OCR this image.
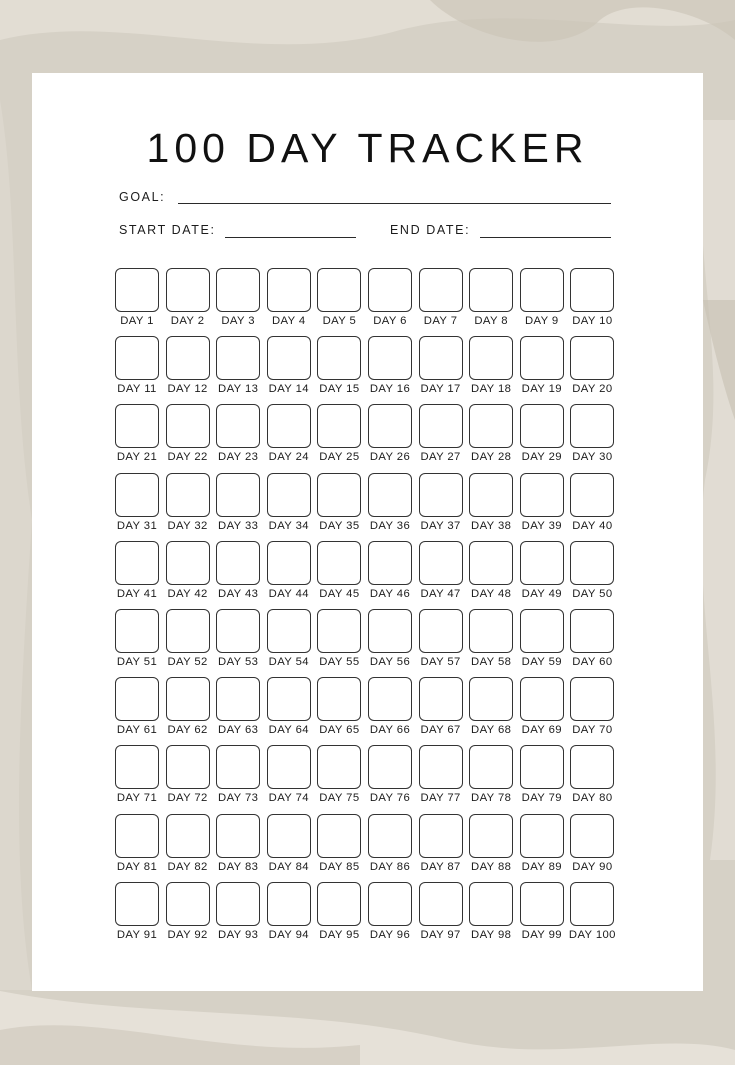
100 DAY TRACKER
GOAL:
START DATE:	END DATE:
DAY 1	DAY 2	DAY 3	DAY 4	DAY 5	DAY 6	DAY 7	DAY 8	DAY 9	DAY 10
DAY 11 DAY 12 DAY 13 DAY 14 DAY 15 DAY 16 DAY 17 DAY 18 DAY 19 DAY 20
DAY 21 DAY 22 DAY 23 DAY 24 DAY 25 DAY 26 DAY 27 DAY 28 DAY 29 DAY 30
DAY 31 DAY 32 DAY 33 DAY 34 DAY 35 DAY 36 DAY 37 DAY 38 DAY 39 DAY 40
DAY 41 DAY 42 DAY 43 DAY 44 DAY 45 DAY 46 DAY 47 DAY 48 DAY 49 DAY 50
DAY 51 DAY 52 DAY 53 DAY 54 DAY 55 DAY 56 DAY 57 DAY 58 DAY 59 DAY 60
DAY 61 DAY 62 DAY 63 DAY 64 DAY 65 DAY 66 DAY 67 DAY 68 DAY 69 DAY 70
DAY 71 DAY 72 DAY 73 DAY 74 DAY 75 DAY 76 DAY 77 DAY 78 DAY 79 DAY 80
DAY 81 DAY 82 DAY 83 DAY 84 DAY 85 DAY 86 DAY 87 DAY 88 DAY 89 DAY 90
DAY 91 DAY 92 DAY 93 DAY 94 DAY 95 DAY 96 DAY 97 DAY 98 DAY 99 DAY 100
